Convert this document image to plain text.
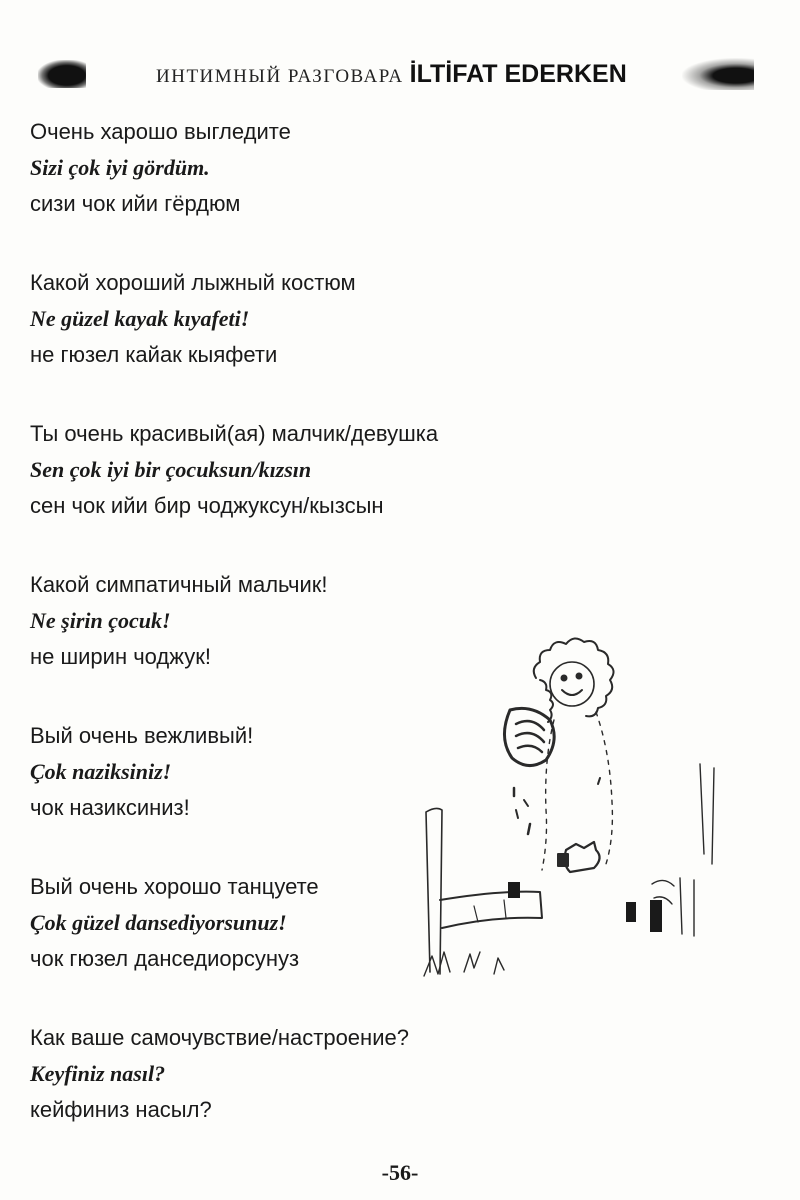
ИНТИМНЫЙ РАЗГОВАРА İLTİFAT EDERKEN
Очень харошо выгледите
Sizi çok iyi gördüm.
сизи чок ийи гёрдюм
Какой хороший лыжный костюм
Ne güzel kayak kıyafeti!
не гюзел кайак кыяфети
Ты очень красивый(ая) малчик/девушка
Sen çok iyi bir çocuksun/kızsın
сен чок ийи бир чоджуксун/кызсын
Какой симпатичный мальчик!
Ne şirin çocuk!
не ширин чоджук!
Вый очень вежливый!
Çok naziksiniz!
чок назиксиниз!
Вый очень хорошо танцуете
Çok güzel dansediyorsunuz!
чок гюзел данседиорсунуз
Как ваше самочувствие/настроение?
Keyfiniz nasıl?
кейфиниз насыл?
-56-
